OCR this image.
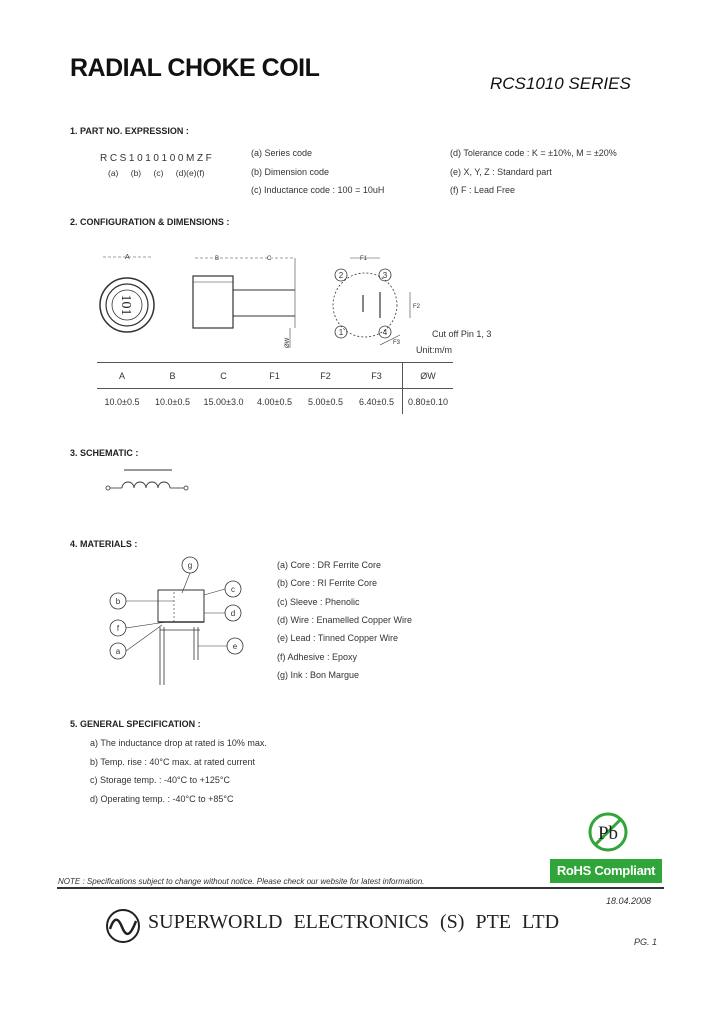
RADIAL CHOKE COIL
RCS1010 SERIES
1. PART NO. EXPRESSION :
RCS1010100MZF
(a) (b) (c) (d)(e)(f)
(a) Series code
(b) Dimension code
(c) Inductance code : 100 = 10uH
(d) Tolerance code : K = ±10%, M = ±20%
(e) X, Y, Z : Standard part
(f) F : Lead Free
2. CONFIGURATION & DIMENSIONS :
A
101
B	C
ØW
F1
2	3
1	4
F2
F3
Cut off Pin 1, 3
Unit:m/m
A	B	C	F1	F2	F3	ØW
10.0±0.5	10.0±0.5	15.00±3.0	4.00±0.5	5.00±0.5	6.40±0.5	0.80±0.10
3. SCHEMATIC :
4. MATERIALS :
g
c
b
d
f
a
e
(a) Core : DR Ferrite Core
(b) Core : RI Ferrite Core
(c) Sleeve : Phenolic
(d) Wire : Enamelled Copper Wire
(e) Lead : Tinned Copper Wire
(f) Adhesive : Epoxy
(g) Ink : Bon Margue
5. GENERAL SPECIFICATION :
a) The inductance drop at rated is 10% max.
b) Temp. rise : 40°C max. at rated current
c) Storage temp. : -40°C to +125°C
d) Operating temp. : -40°C to +85°C
Pb
RoHS Compliant
NOTE : Specifications subject to change without notice. Please check our website for latest information.
18.04.2008
SUPERWORLD ELECTRONICS (S) PTE LTD
PG. 1
